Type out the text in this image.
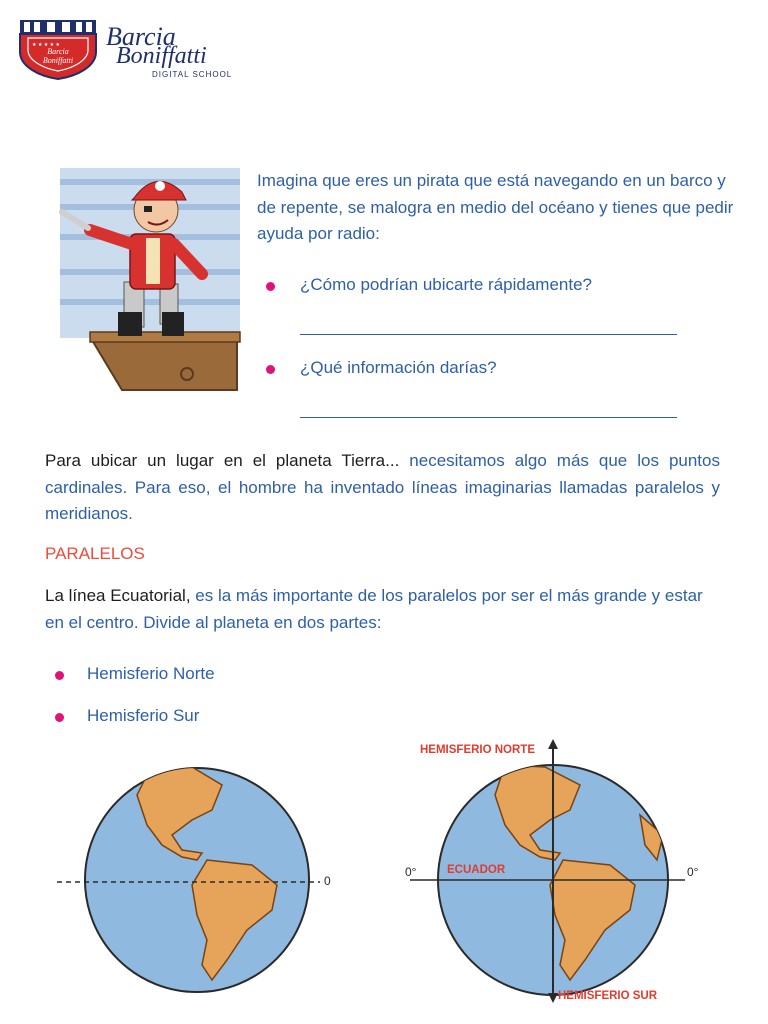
★ ★ ★ ★ ★
Barcia
Boniffatti
Barcia
Boniffatti
DIGITAL SCHOOL
Imagina que eres un pirata que está navegando en un barco y de repente, se malogra en medio del océano y tienes que pedir ayuda por radio:
¿Cómo podrían ubicarte rápidamente?
¿Qué información darías?
Para ubicar un lugar en el planeta Tierra... necesitamos algo más que los puntos cardinales. Para eso, el hombre ha inventado líneas imaginarias llamadas paralelos y meridianos.
PARALELOS
La línea Ecuatorial, es la más importante de los paralelos por ser el más grande y estar en el centro. Divide al planeta en dos partes:
Hemisferio Norte
Hemisferio Sur
0
HEMISFERIO NORTE
HEMISFERIO SUR
ECUADOR
0°	0°
